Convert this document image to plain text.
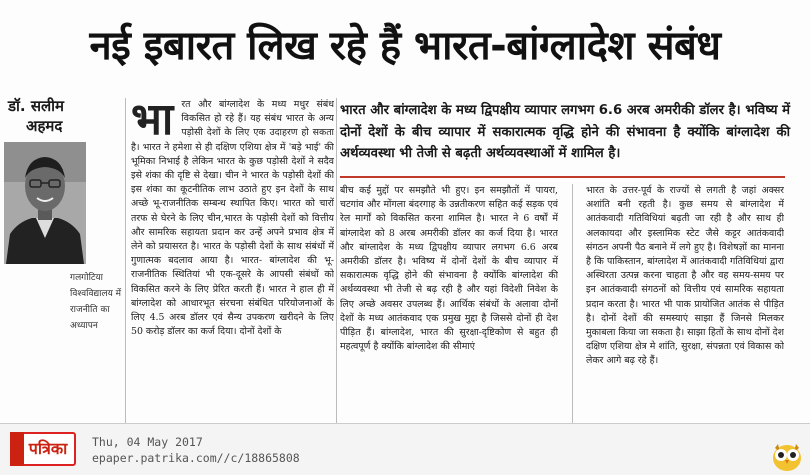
नई इबारत लिख रहे हैं भारत-बांग्लादेश संबंध
डॉ. सलीम
अहमद
गलगोटिया
विश्वविद्यालय में
राजनीति का
अध्यापन
भा रत और बांग्लादेश के मध्य मधुर संबंध विकसित हो रहे हैं। यह संबंध भारत के अन्य पड़ोसी देशों के लिए एक उदाहरण हो सकता है। भारत ने हमेशा से ही दक्षिण एशिया क्षेत्र में 'बड़े भाई' की भूमिका निभाई है लेकिन भारत के कुछ पड़ोसी देशों ने सदैव इसे शंका की दृष्टि से देखा। चीन ने भारत के पड़ोसी देशों की इस शंका का कूटनीतिक लाभ उठाते हुए इन देशों के साथ अच्छे भू-राजनीतिक सम्बन्ध स्थापित किए। भारत को चारों तरफ से घेरने के लिए चीन,भारत के पड़ोसी देशों को वित्तीय और सामरिक सहायता प्रदान कर उन्हें अपने प्रभाव क्षेत्र में लेने को प्रयासरत है। भारत के पड़ोसी देशों के साथ संबंधों में गुणात्मक बदलाव आया है। भारत- बांग्लादेश की भू-राजनीतिक स्थितियां भी एक-दूसरे के आपसी संबंधों को विकसित करने के लिए प्रेरित करती हैं। भारत ने हाल ही में बांग्लादेश को आधारभूत संरचना संबंधित परियोजनाओं के लिए 4.5 अरब डॉलर एवं सैन्य उपकरण खरीदने के लिए 50 करोड़ डॉलर का कर्ज दिया। दोनों देशों के

भारत और बांग्लादेश के मध्य द्विपक्षीय व्यापार लगभग 6.6 अरब अमरीकी डॉलर है। भविष्य में दोनों देशों के बीच व्यापार में सकारात्मक वृद्धि होने की संभावना है क्योंकि बांग्लादेश की अर्थव्यवस्था भी तेजी से बढ़ती अर्थव्यवस्थाओं में शामिल है।

बीच कई मुद्दों पर समझौते भी हुए। इन समझौतों में पायरा, चटगांव और मोंगला बंदरगाह के उन्नतीकरण सहित कई सड़क एवं रेल मार्गों को विकसित करना शामिल है। भारत ने 6 वर्षों में बांग्लादेश को 8 अरब अमरीकी डॉलर का कर्ज दिया है। भारत और बांग्लादेश के मध्य द्विपक्षीय व्यापार लगभग 6.6 अरब अमरीकी डॉलर है। भविष्य में दोनों देशों के बीच व्यापार में सकारात्मक वृद्धि होने की संभावना है क्योंकि बांग्लादेश की अर्थव्यवस्था भी तेजी से बढ़ रही है और यहां विदेशी निवेश के लिए अच्छे अवसर उपलब्ध हैं। आर्थिक संबंधों के अलावा दोनों देशों के मध्य आतंकवाद एक प्रमुख मुद्दा है जिससे दोनों ही देश पीड़ित हैं। बांग्लादेश, भारत की सुरक्षा-दृष्टिकोण से बहुत ही महत्वपूर्ण है क्योंकि बांग्लादेश की सीमाएं
भारत के उत्तर-पूर्व के राज्यों से लगती है जहां अक्सर अशांति बनी रहती है। कुछ समय से बांग्लादेश में आतंकवादी गतिविधियां बढ़ती जा रही है और साथ ही अलकायदा और इस्लामिक स्टेट जैसे कट्टर आतंकवादी संगठन अपनी पैठ बनाने में लगे हुए है। विशेषज्ञों का मानना है कि पाकिस्तान, बांग्लादेश में आतंकवादी गतिविधियां द्वारा अस्थिरता उत्पन्न करना चाहता है और वह समय-समय पर इन आतंकवादी संगठनों को वित्तीय एवं सामरिक सहायता प्रदान करता है। भारत भी पाक प्रायोजित आतंक से पीड़ित है। दोनों देशों की समस्याएं साझा हैं जिनसे मिलकर मुकाबला किया जा सकता है। साझा हितों के साथ दोनों देश दक्षिण एशिया क्षेत्र मे शांति, सुरक्षा, संपन्नता एवं विकास को लेकर आगे बढ़ रहे हैं।
पत्रिका	Thu, 04 May 2017
epaper.patrika.com//c/18865808
